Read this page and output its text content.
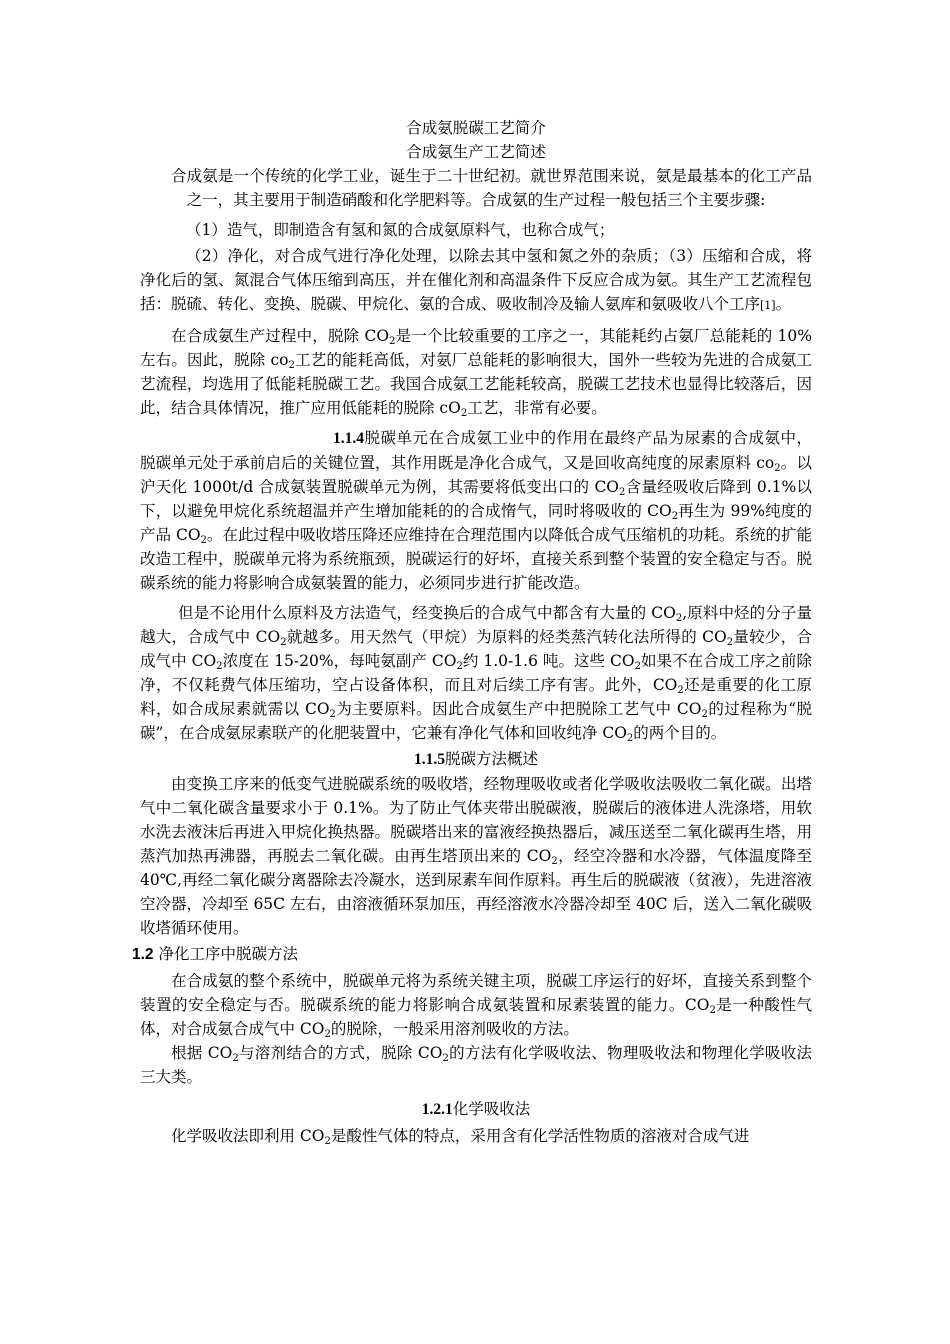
合成氨脱碳工艺简介
合成氨生产工艺简述
合成氨是一个传统的化学工业，诞生于二十世纪初。就世界范围来说，氨是最基本的化工产品之一，其主要用于制造硝酸和化学肥料等。合成氨的生产过程一般包括三个主要步骤:
（1）造气，即制造含有氢和氮的合成氨原料气，也称合成气；
（2）净化，对合成气进行净化处理，以除去其中氢和氮之外的杂质；（3）压缩和合成，将净化后的氢、氮混合气体压缩到高压，并在催化剂和高温条件下反应合成为氨。其生产工艺流程包括：脱硫、转化、变换、脱碳、甲烷化、氨的合成、吸收制冷及输人氨库和氨吸收八个工序[1]。
在合成氨生产过程中，脱除 $CO_2$是一个比较重要的工序之一，其能耗约占氨厂总能耗的 10%左右。因此，脱除 $co_2$工艺的能耗高低，对氨厂总能耗的影响很大，国外一些较为先进的合成氨工艺流程，均选用了低能耗脱碳工艺。我国合成氨工艺能耗较高，脱碳工艺技术也显得比较落后，因此，结合具体情况，推广应用低能耗的脱除 $cO_2$工艺，非常有必要。
1.1.4脱碳单元在合成氨工业中的作用在最终产品为尿素的合成氨中，脱碳单元处于承前启后的关键位置，其作用既是净化合成气，又是回收高纯度的尿素原料 $co_2$。以沪天化 1000t/d 合成氨装置脱碳单元为例，其需要将低变出口的 $CO_2$含量经吸收后降到 0.1%以下，以避免甲烷化系统超温并产生增加能耗的的合成惰气，同时将吸收的 $CO_2$再生为 99%纯度的产品 $CO_2$。在此过程中吸收塔压降还应维持在合理范围内以降低合成气压缩机的功耗。系统的扩能改造工程中，脱碳单元将为系统瓶颈，脱碳运行的好坏，直接关系到整个装置的安全稳定与否。脱碳系统的能力将影响合成氨装置的能力，必须同步进行扩能改造。
但是不论用什么原料及方法造气，经变换后的合成气中都含有大量的 $CO_2$,原料中烃的分子量越大，合成气中 $CO_2$就越多。用天然气（甲烷）为原料的烃类蒸汽转化法所得的 $CO_2$量较少，合成气中 $CO_2$浓度在 15-20%，每吨氨副产 $CO_2$约 1.0-1.6 吨。这些 $CO_2$如果不在合成工序之前除净，不仅耗费气体压缩功，空占设备体积，而且对后续工序有害。此外，$CO_2$还是重要的化工原料，如合成尿素就需以 $CO_2$为主要原料。因此合成氨生产中把脱除工艺气中 $CO_2$的过程称为“脱碳”，在合成氨尿素联产的化肥装置中，它兼有净化气体和回收纯净 $CO_2$的两个目的。
1.1.5脱碳方法概述
由变换工序来的低变气进脱碳系统的吸收塔，经物理吸收或者化学吸收法吸收二氧化碳。出塔气中二氧化碳含量要求小于 0.1%。为了防止气体夹带出脱碳液，脱碳后的液体进人洗涤塔，用软水洗去液沫后再进入甲烷化换热器。脱碳塔出来的富液经换热器后，减压送至二氧化碳再生塔，用蒸汽加热再沸器，再脱去二氧化碳。由再生塔顶出来的 $CO_2$，经空冷器和水冷器，气体温度降至 40℃,再经二氧化碳分离器除去冷凝水，送到尿素车间作原料。再生后的脱碳液（贫液），先进溶液空冷器，冷却至 65C 左右，由溶液循环泵加压，再经溶液水冷器冷却至 40C 后，送入二氧化碳吸收塔循环使用。
1.2 净化工序中脱碳方法
在合成氨的整个系统中，脱碳单元将为系统关键主项，脱碳工序运行的好坏，直接关系到整个装置的安全稳定与否。脱碳系统的能力将影响合成氨装置和尿素装置的能力。$CO_2$是一种酸性气体，对合成氨合成气中 $CO_2$的脱除，一般采用溶剂吸收的方法。
根据 $CO_2$与溶剂结合的方式，脱除 $CO_2$的方法有化学吸收法、物理吸收法和物理化学吸收法三大类。
1.2.1化学吸收法
化学吸收法即利用 $CO_2$是酸性气体的特点，采用含有化学活性物质的溶液对合成气进
